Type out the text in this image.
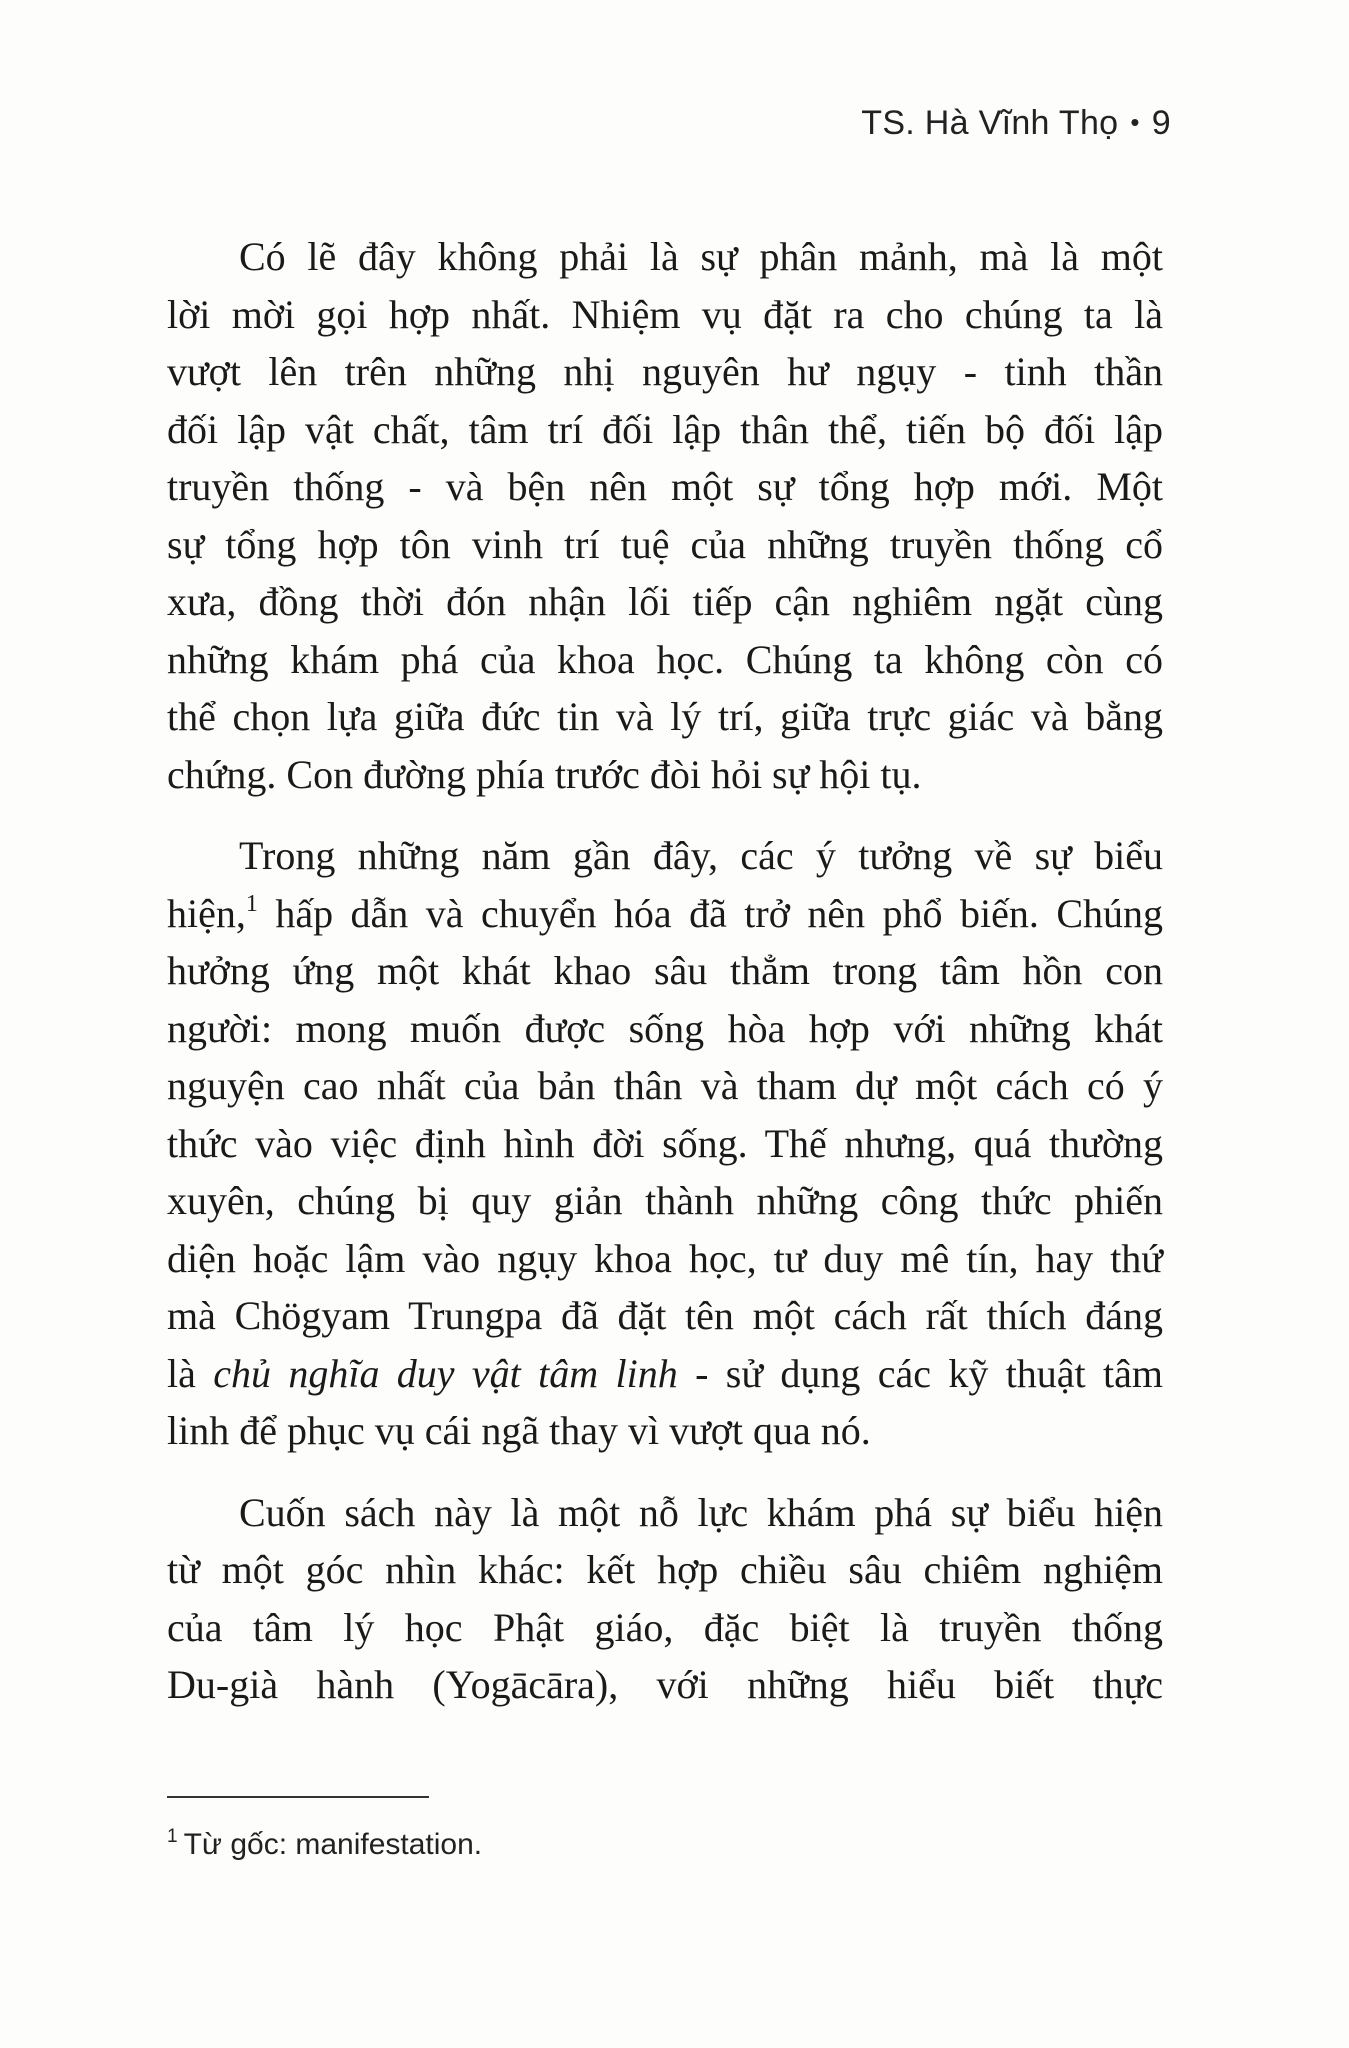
TS. Hà Vĩnh Thọ • 9
Có lẽ đây không phải là sự phân mảnh, mà là một
lời mời gọi hợp nhất. Nhiệm vụ đặt ra cho chúng ta là
vượt lên trên những nhị nguyên hư ngụy - tinh thần
đối lập vật chất, tâm trí đối lập thân thể, tiến bộ đối lập
truyền thống - và bện nên một sự tổng hợp mới. Một
sự tổng hợp tôn vinh trí tuệ của những truyền thống cổ
xưa, đồng thời đón nhận lối tiếp cận nghiêm ngặt cùng
những khám phá của khoa học. Chúng ta không còn có
thể chọn lựa giữa đức tin và lý trí, giữa trực giác và bằng
chứng. Con đường phía trước đòi hỏi sự hội tụ.
Trong những năm gần đây, các ý tưởng về sự biểu
hiện,$^1$ hấp dẫn và chuyển hóa đã trở nên phổ biến. Chúng
hưởng ứng một khát khao sâu thẳm trong tâm hồn con
người: mong muốn được sống hòa hợp với những khát
nguyện cao nhất của bản thân và tham dự một cách có ý
thức vào việc định hình đời sống. Thế nhưng, quá thường
xuyên, chúng bị quy giản thành những công thức phiến
diện hoặc lậm vào ngụy khoa học, tư duy mê tín, hay thứ
mà Chögyam Trungpa đã đặt tên một cách rất thích đáng
là chủ nghĩa duy vật tâm linh - sử dụng các kỹ thuật tâm
linh để phục vụ cái ngã thay vì vượt qua nó.
Cuốn sách này là một nỗ lực khám phá sự biểu hiện
từ một góc nhìn khác: kết hợp chiều sâu chiêm nghiệm
của tâm lý học Phật giáo, đặc biệt là truyền thống
Du-già hành (Yogācāra), với những hiểu biết thực
$^1$ Từ gốc: manifestation.
